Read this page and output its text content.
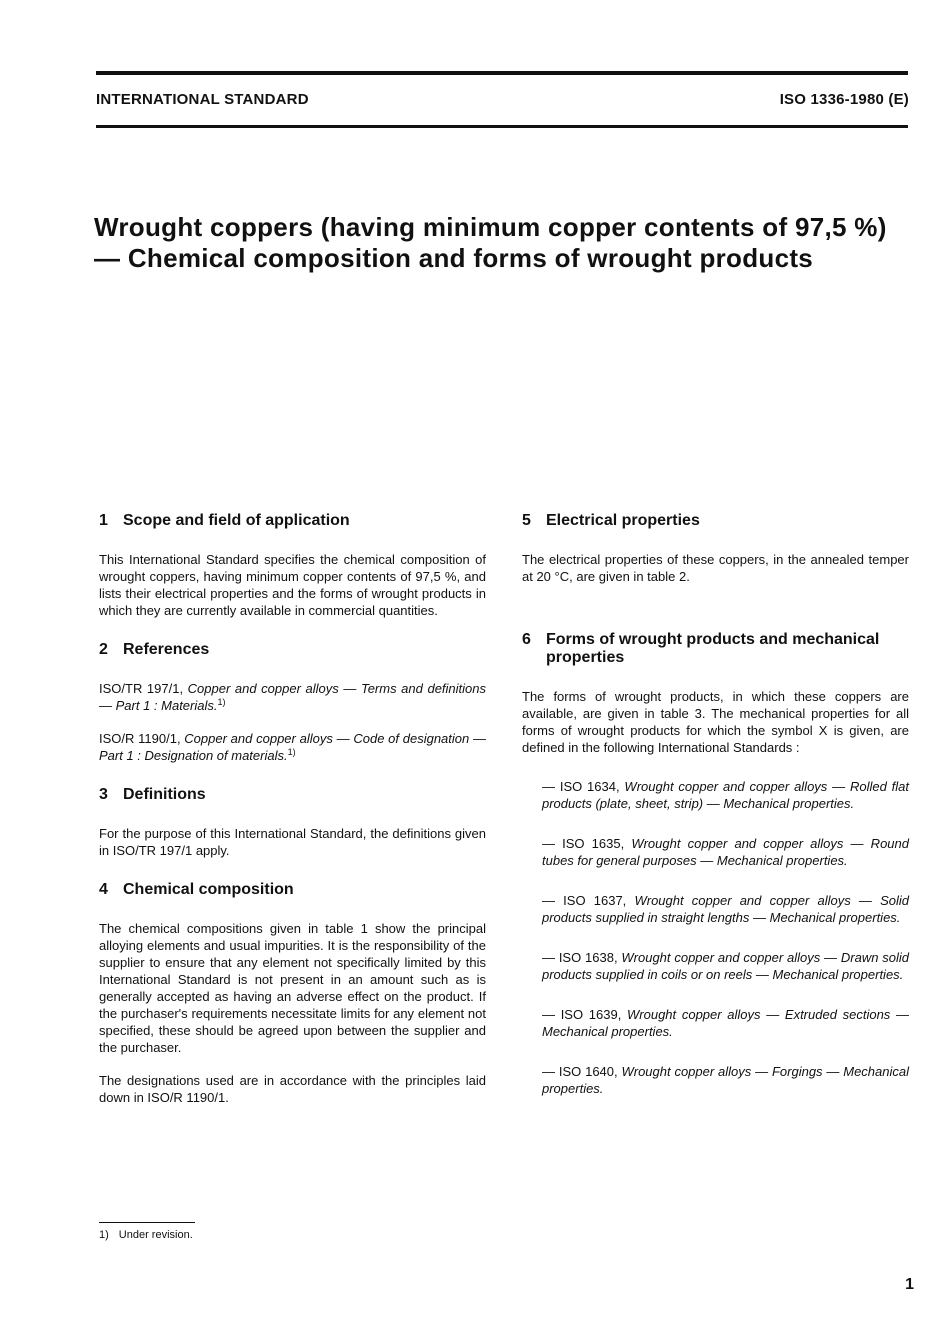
INTERNATIONAL STANDARD	ISO 1336-1980 (E)
Wrought coppers (having minimum copper contents of 97,5 %) — Chemical composition and forms of wrought products
1 Scope and field of application

This International Standard specifies the chemical composition of wrought coppers, having minimum copper contents of 97,5 %, and lists their electrical properties and the forms of wrought products in which they are currently available in commercial quantities.

2 References

ISO/TR 197/1, Copper and copper alloys — Terms and definitions — Part 1 : Materials.$^{1)}$

ISO/R 1190/1, Copper and copper alloys — Code of designation — Part 1 : Designation of materials.$^{1)}$

3 Definitions

For the purpose of this International Standard, the definitions given in ISO/TR 197/1 apply.

4 Chemical composition

The chemical compositions given in table 1 show the principal alloying elements and usual impurities. It is the responsibility of the supplier to ensure that any element not specifically limited by this International Standard is not present in an amount such as is generally accepted as having an adverse effect on the product. If the purchaser's requirements necessitate limits for any element not specified, these should be agreed upon between the supplier and the purchaser.

The designations used are in accordance with the principles laid down in ISO/R 1190/1.

5 Electrical properties

The electrical properties of these coppers, in the annealed temper at 20 °C, are given in table 2.

6 Forms of wrought products and mechanical properties

The forms of wrought products, in which these coppers are available, are given in table 3. The mechanical properties for all forms of wrought products for which the symbol X is given, are defined in the following International Standards :

— ISO 1634, Wrought copper and copper alloys — Rolled flat products (plate, sheet, strip) — Mechanical properties.

— ISO 1635, Wrought copper and copper alloys — Round tubes for general purposes — Mechanical properties.

— ISO 1637, Wrought copper and copper alloys — Solid products supplied in straight lengths — Mechanical properties.

— ISO 1638, Wrought copper and copper alloys — Drawn solid products supplied in coils or on reels — Mechanical properties.

— ISO 1639, Wrought copper alloys — Extruded sections — Mechanical properties.

— ISO 1640, Wrought copper alloys — Forgings — Mechanical properties.

1) Under revision.
1
